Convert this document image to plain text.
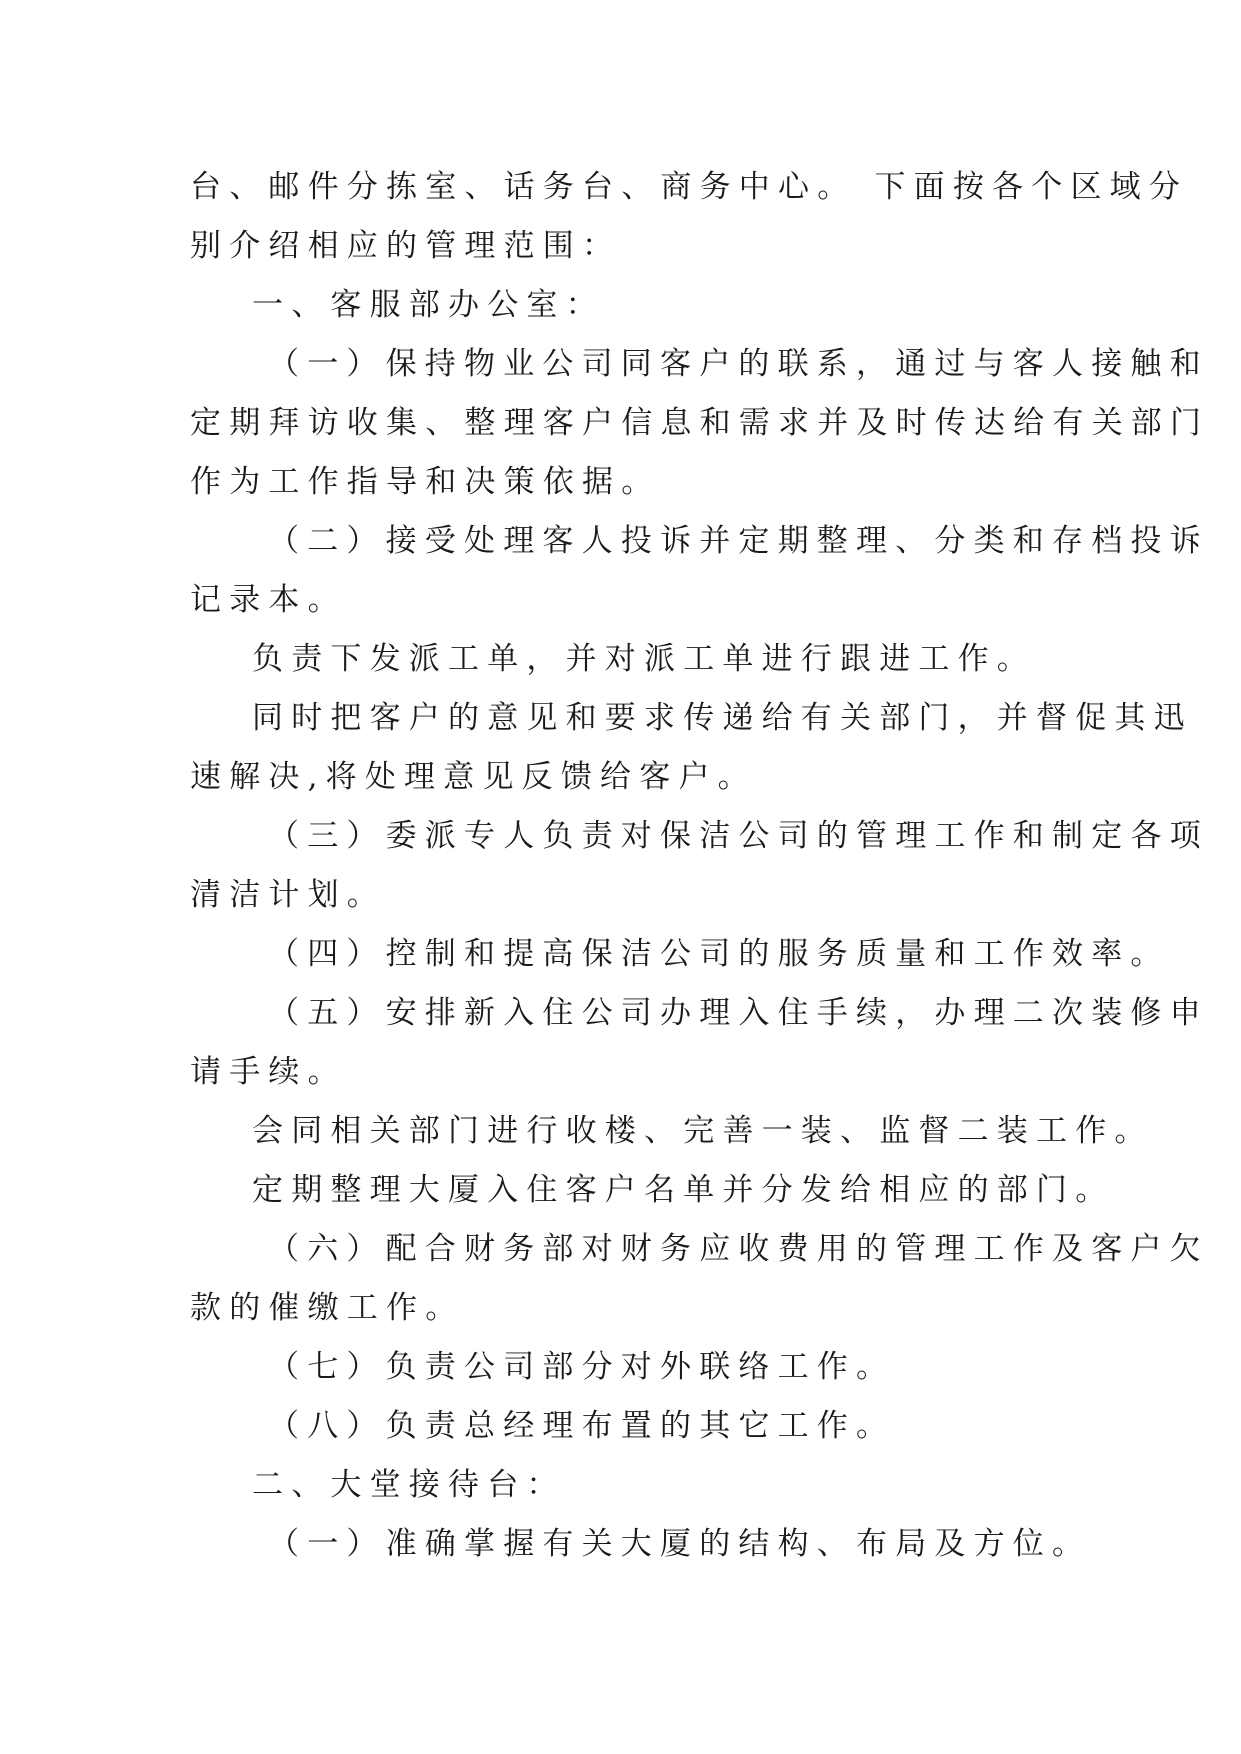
台、邮件分拣室、话务台、商务中心。 下面按各个区域分
别介绍相应的管理范围：
一、客服部办公室：
（一）保持物业公司同客户的联系，通过与客人接触和
定期拜访收集、整理客户信息和需求并及时传达给有关部门
作为工作指导和决策依据。
（二）接受处理客人投诉并定期整理、分类和存档投诉
记录本。
负责下发派工单，并对派工单进行跟进工作。
同时把客户的意见和要求传递给有关部门，并督促其迅
速解决,将处理意见反馈给客户。
（三）委派专人负责对保洁公司的管理工作和制定各项
清洁计划。
（四）控制和提高保洁公司的服务质量和工作效率。
（五）安排新入住公司办理入住手续，办理二次装修申
请手续。
会同相关部门进行收楼、完善一装、监督二装工作。
定期整理大厦入住客户名单并分发给相应的部门。
（六）配合财务部对财务应收费用的管理工作及客户欠
款的催缴工作。
（七）负责公司部分对外联络工作。
（八）负责总经理布置的其它工作。
二、大堂接待台：
（一）准确掌握有关大厦的结构、布局及方位。
